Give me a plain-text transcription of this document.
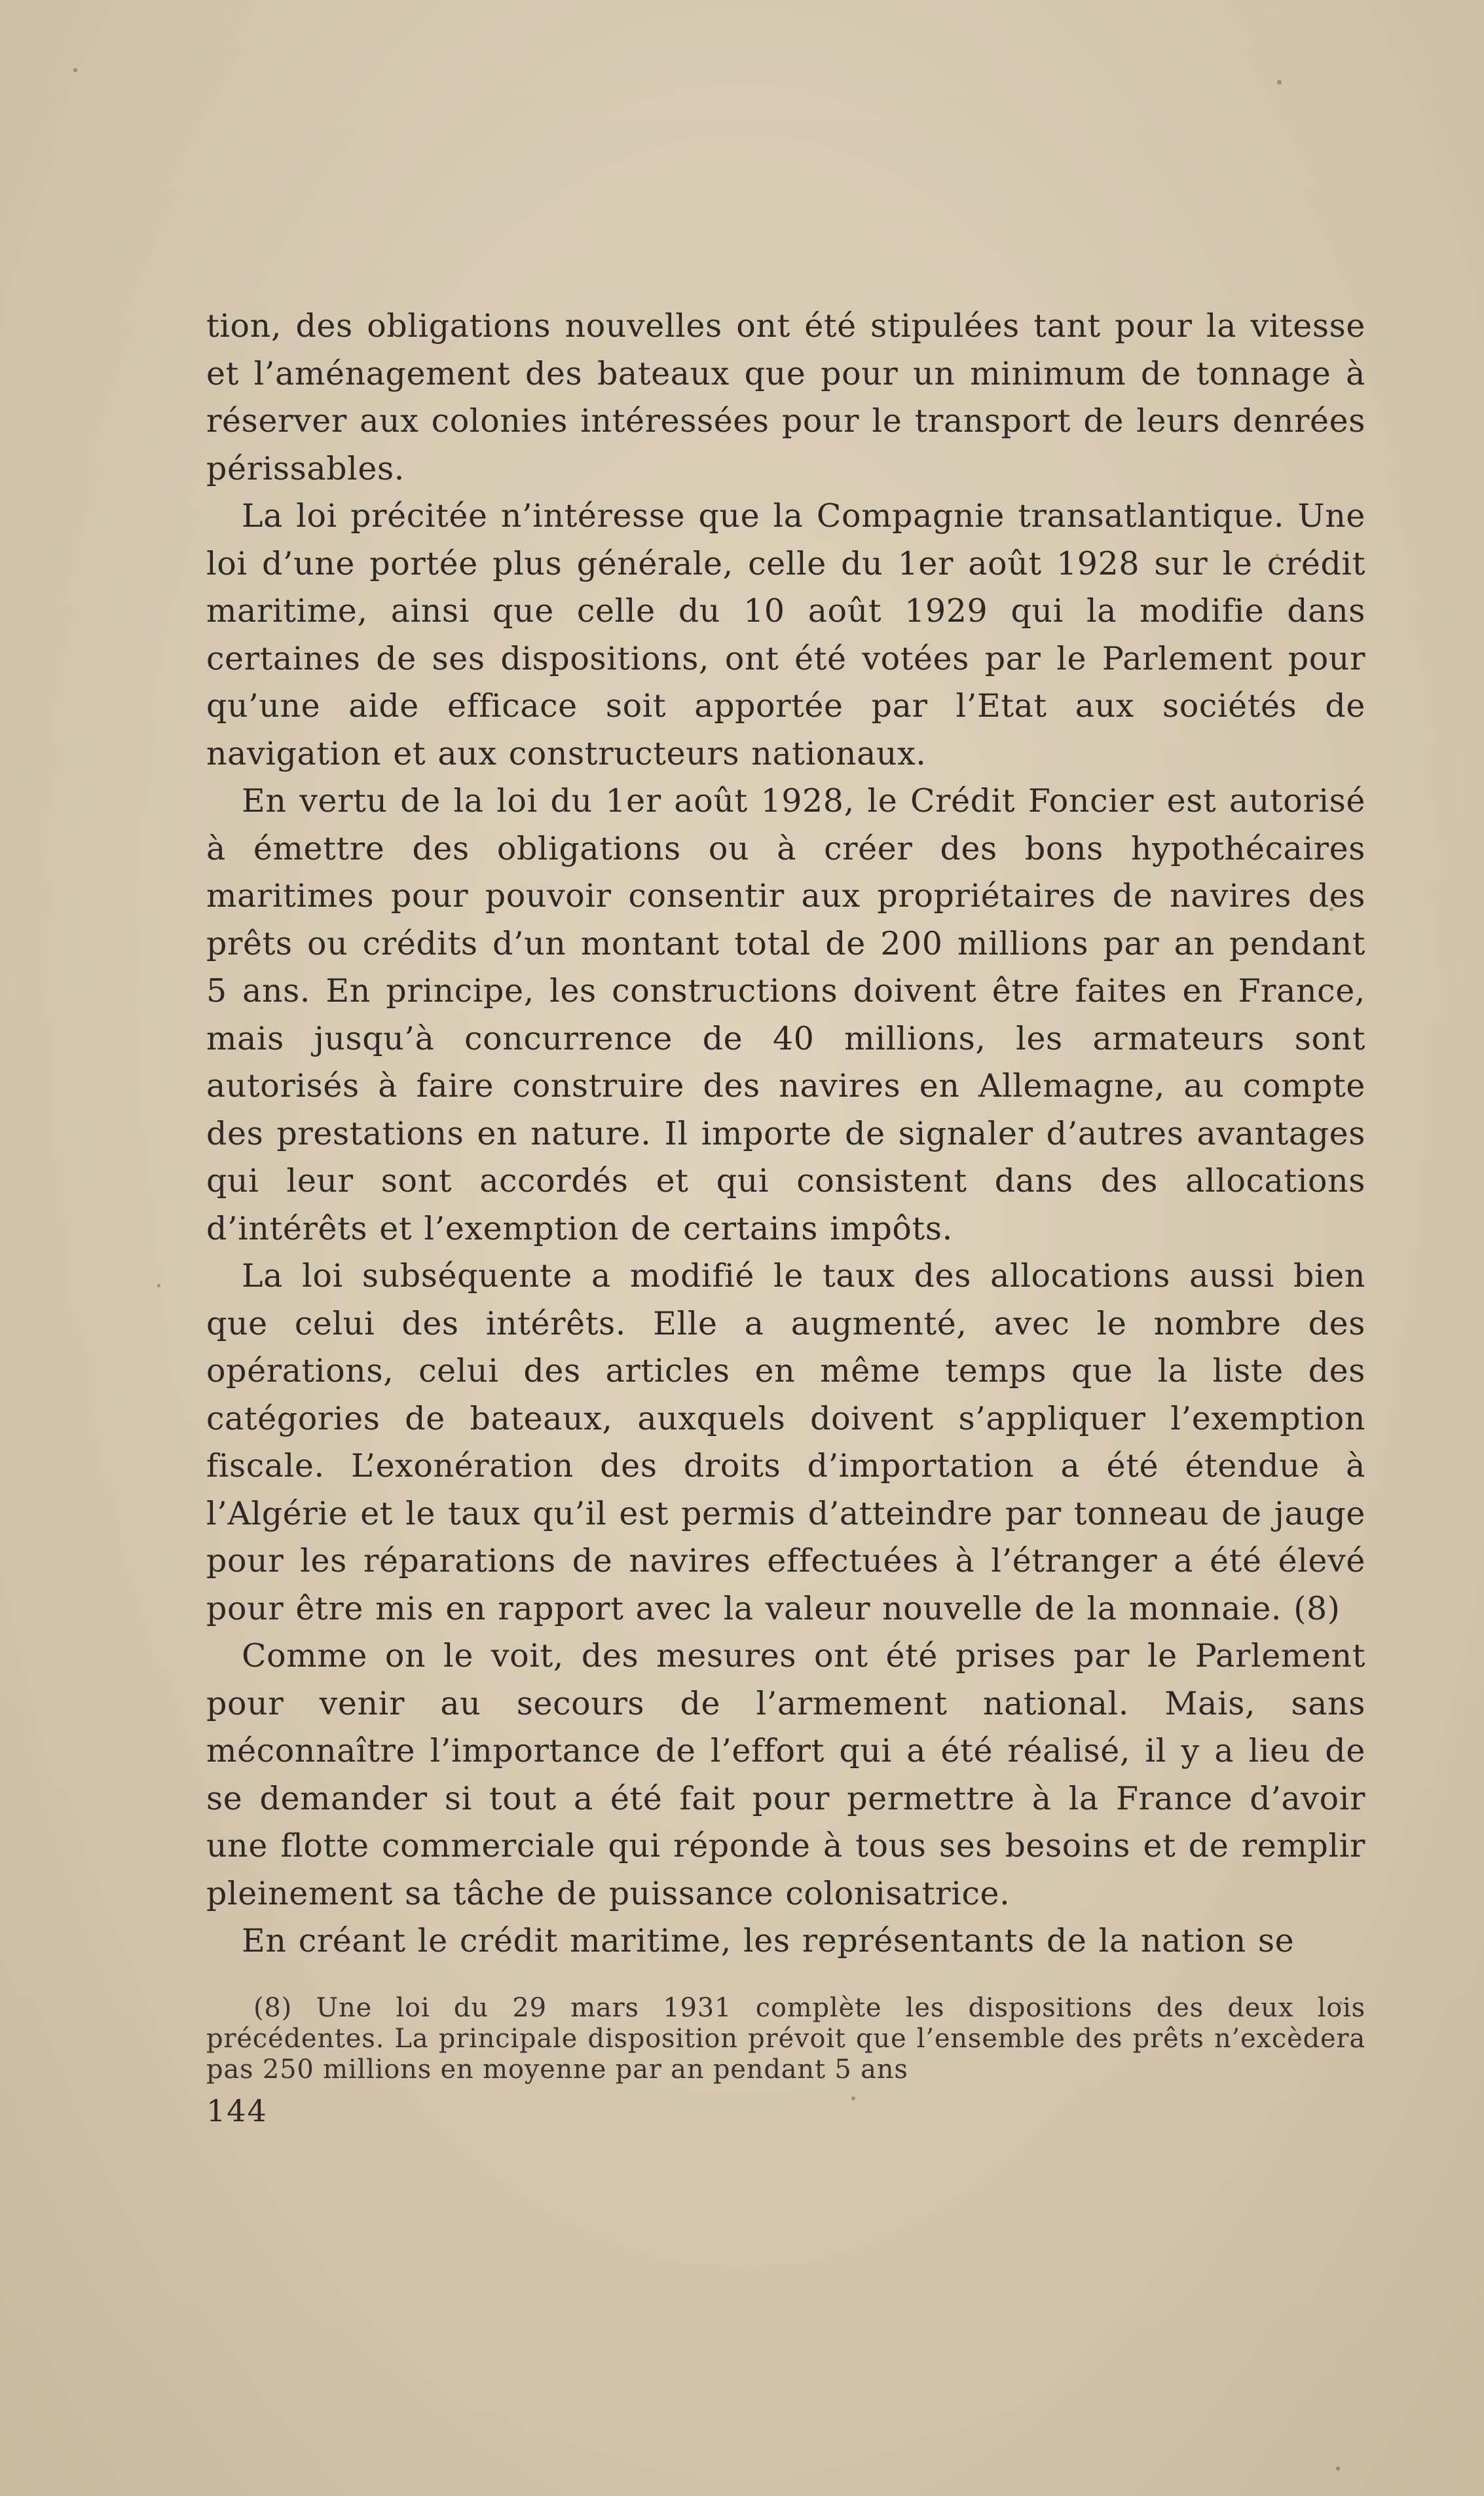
tion, des obligations nouvelles ont été stipulées tant pour la vitesse et l’aménagement des bateaux que pour un minimum de tonnage à réserver aux colonies intéressées pour le transport de leurs denrées périssables.

La loi précitée n’intéresse que la Compagnie transatlantique. Une loi d’une portée plus générale, celle du 1er août 1928 sur le crédit maritime, ainsi que celle du 10 août 1929 qui la modifie dans certaines de ses dispositions, ont été votées par le Parlement pour qu’une aide efficace soit apportée par l’Etat aux sociétés de navigation et aux constructeurs nationaux.

En vertu de la loi du 1er août 1928, le Crédit Foncier est autorisé à émettre des obligations ou à créer des bons hypothécaires maritimes pour pouvoir consentir aux propriétaires de navires des prêts ou crédits d’un montant total de 200 millions par an pendant 5 ans. En principe, les constructions doivent être faites en France, mais jusqu’à concurrence de 40 millions, les armateurs sont autorisés à faire construire des navires en Allemagne, au compte des prestations en nature. Il importe de signaler d’autres avantages qui leur sont accordés et qui consistent dans des allocations d’intérêts et l’exemption de certains impôts.

La loi subséquente a modifié le taux des allocations aussi bien que celui des intérêts. Elle a augmenté, avec le nombre des opérations, celui des articles en même temps que la liste des catégories de bateaux, auxquels doivent s’appliquer l’exemption fiscale. L’exonération des droits d’importation a été étendue à l’Algérie et le taux qu’il est permis d’atteindre par tonneau de jauge pour les réparations de navires effectuées à l’étranger a été élevé pour être mis en rapport avec la valeur nouvelle de la monnaie. (8)

Comme on le voit, des mesures ont été prises par le Parlement pour venir au secours de l’armement national. Mais, sans méconnaître l’importance de l’effort qui a été réalisé, il y a lieu de se demander si tout a été fait pour permettre à la France d’avoir une flotte commerciale qui réponde à tous ses besoins et de remplir pleinement sa tâche de puissance colonisatrice.

En créant le crédit maritime, les représentants de la nation se

(8) Une loi du 29 mars 1931 complète les dispositions des deux lois précédentes. La principale disposition prévoit que l’ensemble des prêts n’excèdera pas 250 millions en moyenne par an pendant 5 ans
144
